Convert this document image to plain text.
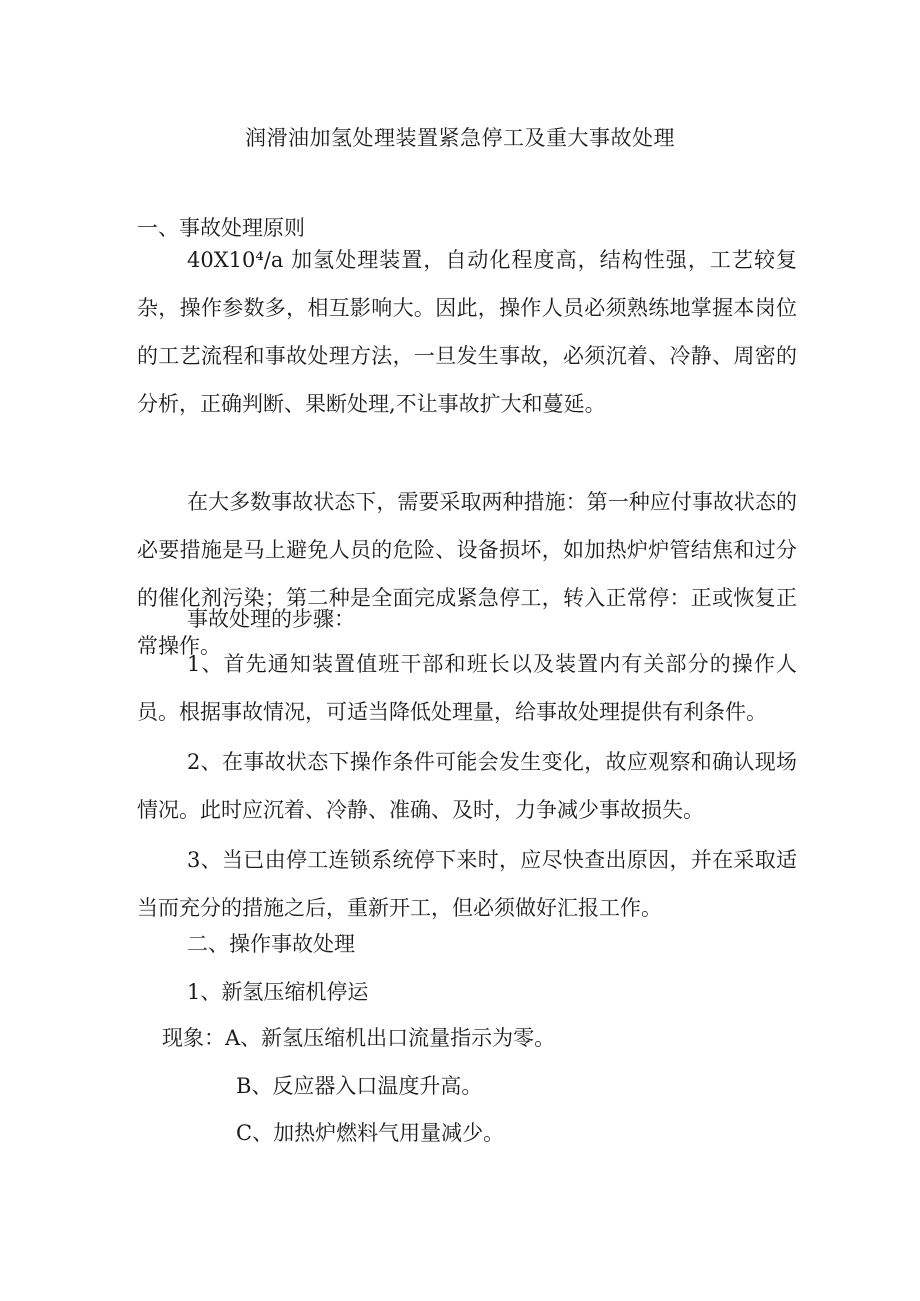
润滑油加氢处理装置紧急停工及重大事故处理
一、事故处理原则
40X10⁴/a 加氢处理装置，自动化程度高，结构性强，工艺较复杂，操作参数多，相互影响大。因此，操作人员必须熟练地掌握本岗位的工艺流程和事故处理方法，一旦发生事故，必须沉着、冷静、周密的分析，正确判断、果断处理,不让事故扩大和蔓延。
在大多数事故状态下，需要采取两种措施：第一种应付事故状态的必要措施是马上避免人员的危险、设备损坏，如加热炉炉管结焦和过分的催化剂污染；第二种是全面完成紧急停工，转入正常停：正或恢复正常操作。
事故处理的步骤：
1、首先通知装置值班干部和班长以及装置内有关部分的操作人员。根据事故情况，可适当降低处理量，给事故处理提供有利条件。
2、在事故状态下操作条件可能会发生变化，故应观察和确认现场情况。此时应沉着、冷静、准确、及时，力争减少事故损失。
3、当已由停工连锁系统停下来时，应尽快查出原因，并在采取适当而充分的措施之后，重新开工，但必须做好汇报工作。
二、操作事故处理
1、新氢压缩机停运
现象：A、新氢压缩机出口流量指示为零。
B、反应器入口温度升高。
C、加热炉燃料气用量减少。
